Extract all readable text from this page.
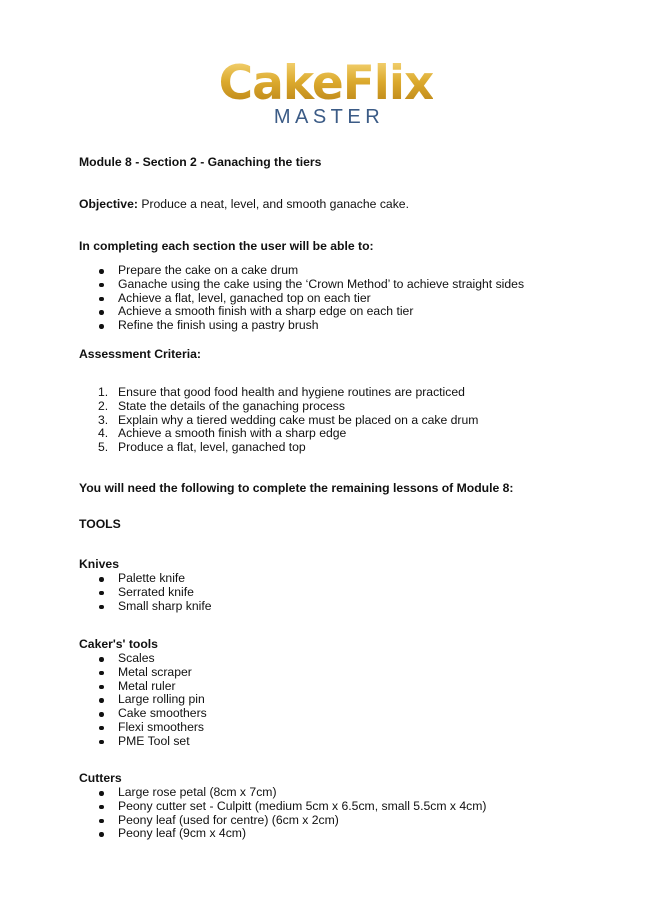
CakeFlix
MASTER

Module 8 - Section 2 - Ganaching the tiers

Objective: Produce a neat, level, and smooth ganache cake.

In completing each section the user will be able to:

Prepare the cake on a cake drum
Ganache using the cake using the ‘Crown Method’ to achieve straight sides
Achieve a flat, level, ganached top on each tier
Achieve a smooth finish with a sharp edge on each tier
Refine the finish using a pastry brush

Assessment Criteria:

1. Ensure that good food health and hygiene routines are practiced
2. State the details of the ganaching process
3. Explain why a tiered wedding cake must be placed on a cake drum
4. Achieve a smooth finish with a sharp edge
5. Produce a flat, level, ganached top

You will need the following to complete the remaining lessons of Module 8:

TOOLS

Knives

Palette knife
Serrated knife
Small sharp knife

Caker's' tools

Scales
Metal scraper
Metal ruler
Large rolling pin
Cake smoothers
Flexi smoothers
PME Tool set

Cutters

Large rose petal (8cm x 7cm)
Peony cutter set - Culpitt (medium 5cm x 6.5cm, small 5.5cm x 4cm)
Peony leaf (used for centre) (6cm x 2cm)
Peony leaf (9cm x 4cm)
